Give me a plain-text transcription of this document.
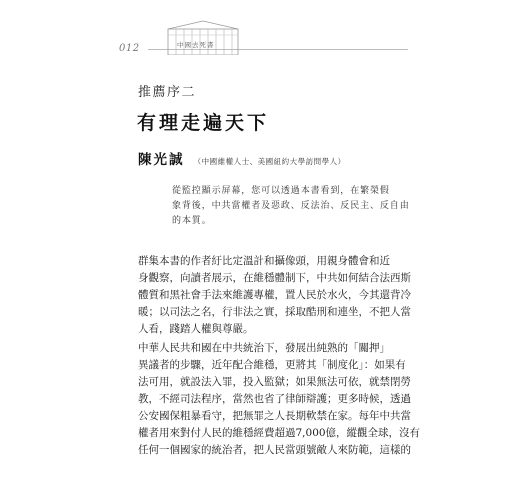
012	中國去死書
推薦序二
有理走遍天下
陳光誠 （中國維權人士、美國紐約大學訪問學人）
從監控顯示屏幕，您可以透過本書看到，在繁榮假
象背後，中共當權者及惡政、反法治、反民主、反自由
的本質。
群集本書的作者紆比定溫計和攝像頭，用親身體會和近
身觀察，向讀者展示，在維穩體制下，中共如何結合法西斯
體質和黑社會手法來維護專權，置人民於水火，今其還背冷
暖；以司法之名，行非法之實，採取酷刑和連坐，不把人當
人看，踐踏人權與尊嚴。
中華人民共和國在中共統治下，發展出純熟的「關押」
異議者的步驟，近年配合維穩，更將其「制度化」：如果有
法可用，就設法入罪，投入監獄；如果無法可依，就禁閉勞
教，不經司法程序，當然也省了律師辯護；更多時候，透過
公安國保粗暴看守，把無罪之人長期軟禁在家。每年中共當
權者用來對付人民的維穩經費超過7,000億，縱觀全球，沒有
任何一個國家的統治者，把人民當頭號敵人來防範，這樣的
